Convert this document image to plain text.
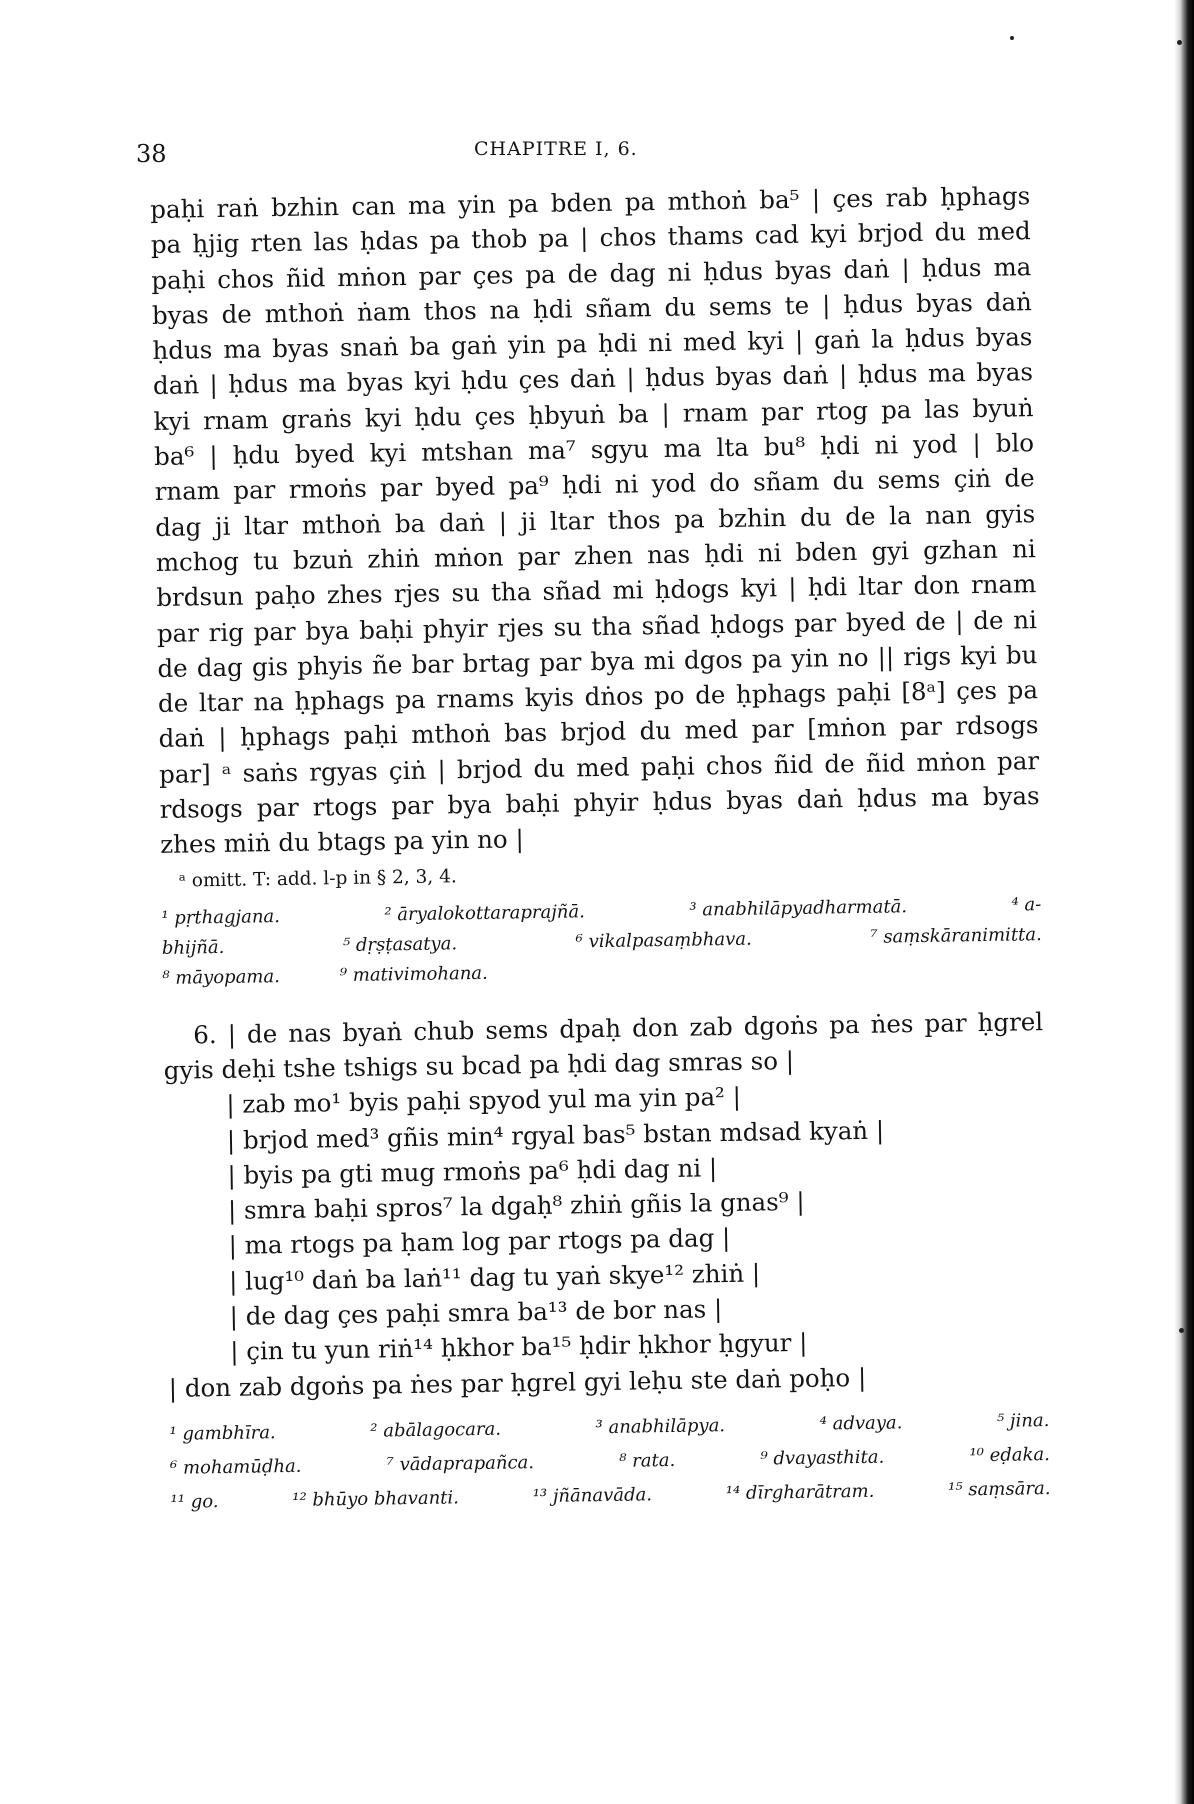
38	CHAPITRE I, 6.
paḥi raṅ bzhin can ma yin pa bden pa mthoṅ ba⁵ | çes rab ḥphags
pa ḥjig rten las ḥdas pa thob pa | chos thams cad kyi brjod du med
paḥi chos ñid mṅon par çes pa de dag ni ḥdus byas daṅ | ḥdus ma
byas de mthoṅ ṅam thos na ḥdi sñam du sems te | ḥdus byas daṅ
ḥdus ma byas snaṅ ba gaṅ yin pa ḥdi ni med kyi | gaṅ la ḥdus byas
daṅ | ḥdus ma byas kyi ḥdu çes daṅ | ḥdus byas daṅ | ḥdus ma byas
kyi rnam graṅs kyi ḥdu çes ḥbyuṅ ba | rnam par rtog pa las byuṅ
ba⁶ | ḥdu byed kyi mtshan ma⁷ sgyu ma lta bu⁸ ḥdi ni yod | blo
rnam par rmoṅs par byed pa⁹ ḥdi ni yod do sñam du sems çiṅ de
dag ji ltar mthoṅ ba daṅ | ji ltar thos pa bzhin du de la nan gyis
mchog tu bzuṅ zhiṅ mṅon par zhen nas ḥdi ni bden gyi gzhan ni
brdsun paḥo zhes rjes su tha sñad mi ḥdogs kyi | ḥdi ltar don rnam
par rig par bya baḥi phyir rjes su tha sñad ḥdogs par byed de | de ni
de dag gis phyis ñe bar brtag par bya mi dgos pa yin no || rigs kyi bu
de ltar na ḥphags pa rnams kyis dṅos po de ḥphags paḥi [8ᵃ] çes pa
daṅ | ḥphags paḥi mthoṅ bas brjod du med par [mṅon par rdsogs
par] ᵃ saṅs rgyas çiṅ | brjod du med paḥi chos ñid de ñid mṅon par
rdsogs par rtogs par bya baḥi phyir ḥdus byas daṅ ḥdus ma byas
zhes miṅ du btags pa yin no |
ᵃ omitt. T: add. l-p in § 2, 3, 4.
¹ pṛthagjana.	² āryalokottaraprajñā.	³ anabhilāpyadharmatā.	⁴ a-
bhijñā.	⁵ dṛṣṭasatya.	⁶ vikalpasaṃbhava.	⁷ saṃskāranimitta.
⁸ māyopama.	⁹ mativimohana.
6. | de nas byaṅ chub sems dpaḥ don zab dgoṅs pa ṅes par ḥgrel
gyis deḥi tshe tshigs su bcad pa ḥdi dag smras so |
| zab mo¹ byis paḥi spyod yul ma yin pa² |
| brjod med³ gñis min⁴ rgyal bas⁵ bstan mdsad kyaṅ |
| byis pa gti mug rmoṅs pa⁶ ḥdi dag ni |
| smra baḥi spros⁷ la dgaḥ⁸ zhiṅ gñis la gnas⁹ |
| ma rtogs pa ḥam log par rtogs pa dag |
| lug¹⁰ daṅ ba laṅ¹¹ dag tu yaṅ skye¹² zhiṅ |
| de dag çes paḥi smra ba¹³ de bor nas |
| çin tu yun riṅ¹⁴ ḥkhor ba¹⁵ ḥdir ḥkhor ḥgyur |
| don zab dgoṅs pa ṅes par ḥgrel gyi leḥu ste daṅ poḥo |
¹ gambhīra.	² abālagocara.	³ anabhilāpya.	⁴ advaya.	⁵ jina.
⁶ mohamūḍha.	⁷ vādaprapañca.	⁸ rata.	⁹ dvayasthita.	¹⁰ eḍaka.
¹¹ go.	¹² bhūyo bhavanti.	¹³ jñānavāda.	¹⁴ dīrgharātram.	¹⁵ saṃsāra.
